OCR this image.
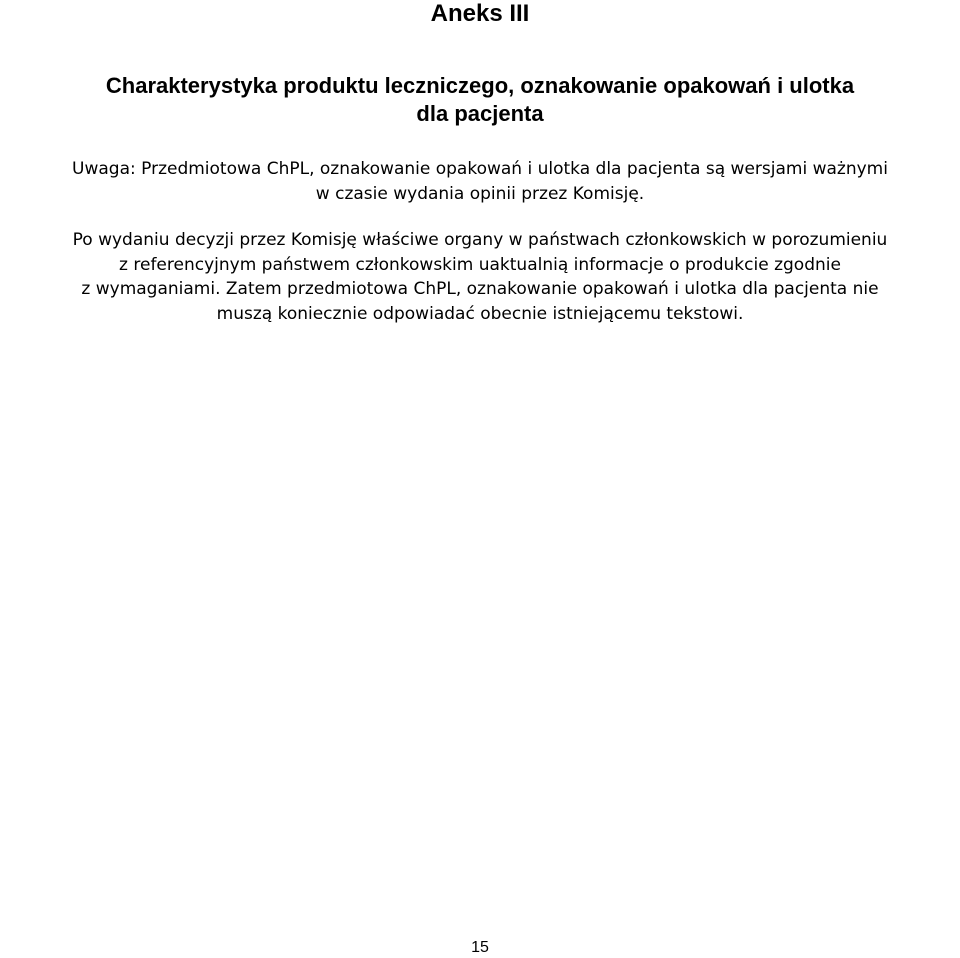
Aneks III
Charakterystyka produktu leczniczego, oznakowanie opakowań i ulotka
dla pacjenta
Uwaga: Przedmiotowa ChPL, oznakowanie opakowań i ulotka dla pacjenta są wersjami ważnymi
w czasie wydania opinii przez Komisję.
Po wydaniu decyzji przez Komisję właściwe organy w państwach członkowskich w porozumieniu
z referencyjnym państwem członkowskim uaktualnią informacje o produkcie zgodnie
z wymaganiami. Zatem przedmiotowa ChPL, oznakowanie opakowań i ulotka dla pacjenta nie
muszą koniecznie odpowiadać obecnie istniejącemu tekstowi.
15
